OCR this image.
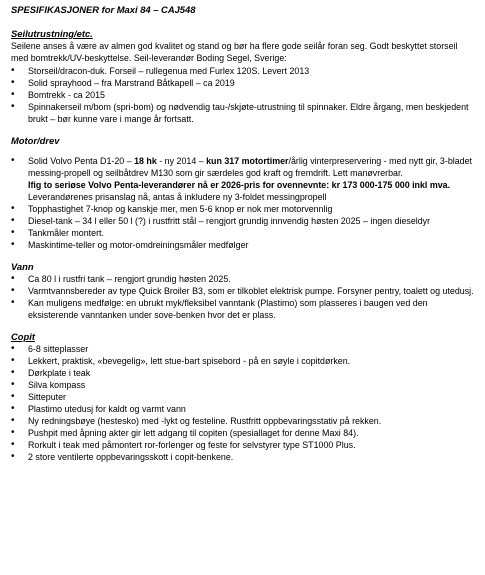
SPESIFIKASJONER for Maxi 84 – CAJ548

Seilutrustning/etc.

Seilene anses å være av almen god kvalitet og stand og bør ha flere gode seilår foran seg. Godt beskyttet storseil med bomtrekk/UV-beskyttelse. Seil-leverandør Boding Segel, Sverige:

• Storseil/dracon-duk. Forseil – rullegenua med Furlex 120S. Levert 2013
• Solid sprayhood – fra Marstrand Båtkapell – ca 2019
• Bomtrekk - ca 2015
• Spinnakerseil m/bom (spri-bom) og nødvendig tau-/skjøte-utrustning til spinnaker. Eldre årgang, men beskjedent brukt – bør kunne vare i mange år fortsatt.

Motor/drev

• Solid Volvo Penta D1-20 – 18 hk - ny 2014 – kun 317 motortimer/årlig vinterpreservering - med nytt gir, 3-bladet messing-propell og seilbåtdrev M130 som gir særdeles god kraft og fremdrift. Lett manøvrerbar.
Ifig to seriøse Volvo Penta-leverandører nå er 2026-pris for ovennevnte: kr 173 000-175 000 inkl mva. Leverandørenes prisanslag nå, antas å inkludere ny 3-foldet messingpropell
• Topphastighet 7-knop og kanskje mer, men 5-6 knop er nok mer motorvennlig
• Diesel-tank – 34 l eller 50 l (?) i rustfritt stål – rengjort grundig innvendig høsten 2025 – ingen dieseldyr
• Tankmåler montert.
• Maskintime-teller og motor-omdreiningsmåler medfølger

Vann

• Ca 80 l i rustfri tank – rengjort grundig høsten 2025.
• Varmtvannsbereder av type Quick Broiler B3, som er tilkoblet elektrisk pumpe. Forsyner pentry, toalett og utedusj.
• Kan muligens medfølge: en ubrukt myk/fleksibel vanntank (Plastimo) som plasseres i baugen ved den eksisterende vanntanken under sove-benken hvor det er plass.

Copit

• 6-8 sitteplasser
• Lekkert, praktisk, «bevegelig», lett stue-bart spisebord - på en søyle i copitdørken.
• Dørkplate i teak
• Silva kompass
• Sitteputer
• Plastimo utedusj for kaldt og varmt vann
• Ny redningsbøye (hestesko) med -lykt og festeline. Rustfritt oppbevaringsstativ på rekken.
• Pushpit med åpning akter gir lett adgang til copiten (spesiallaget for denne Maxi 84).
• Rorkult i teak med påmontert ror-forlenger og feste for selvstyrer type ST1000 Plus.
• 2 store ventilerte oppbevaringsskott i copit-benkene.
